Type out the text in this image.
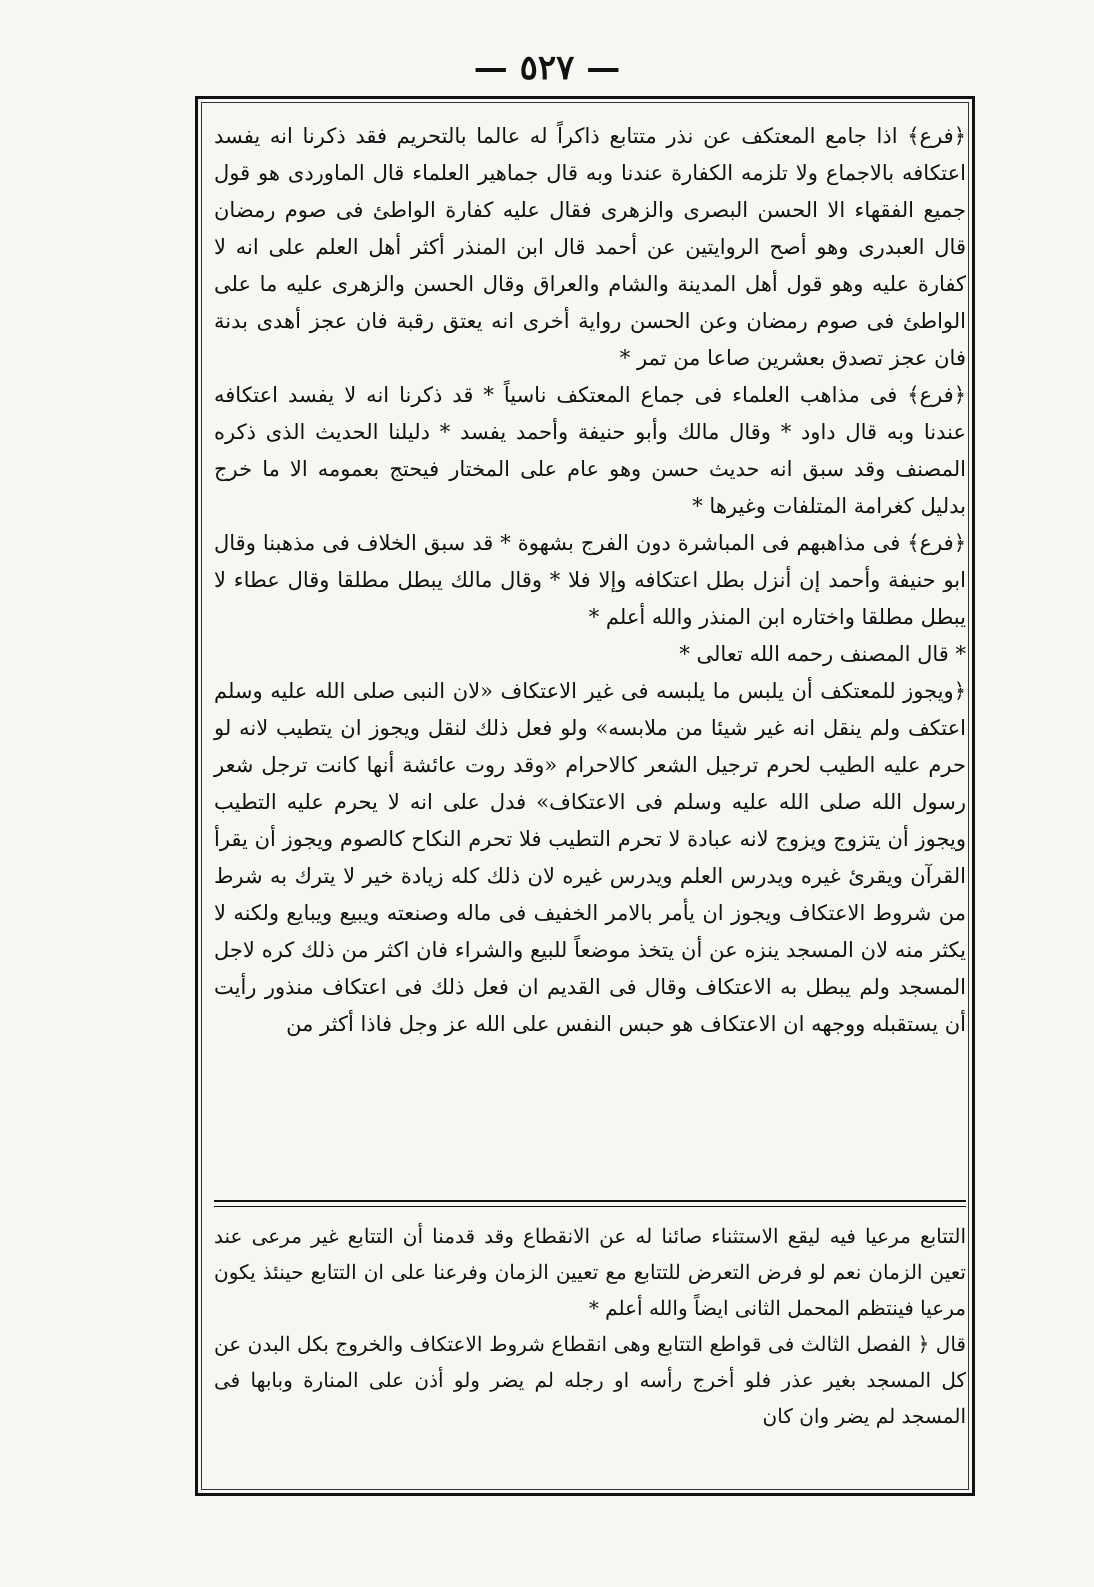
— ٥٢٧ —

﴿فرع﴾ اذا جامع المعتكف عن نذر متتابع ذاكراً له عالما بالتحريم فقد ذكرنا انه يفسد اعتكافه بالاجماع ولا تلزمه الكفارة عندنا وبه قال جماهير العلماء قال الماوردى هو قول جميع الفقهاء الا الحسن البصرى والزهرى فقال عليه كفارة الواطئ فى صوم رمضان قال العبدرى وهو أصح الروايتين عن أحمد قال ابن المنذر أكثر أهل العلم على انه لا كفارة عليه وهو قول أهل المدينة والشام والعراق وقال الحسن والزهرى عليه ما على الواطئ فى صوم رمضان وعن الحسن رواية أخرى انه يعتق رقبة فان عجز أهدى بدنة فان عجز تصدق بعشرين صاعا من تمر *

﴿فرع﴾ فى مذاهب العلماء فى جماع المعتكف ناسياً * قد ذكرنا انه لا يفسد اعتكافه عندنا وبه قال داود * وقال مالك وأبو حنيفة وأحمد يفسد * دليلنا الحديث الذى ذكره المصنف وقد سبق انه حديث حسن وهو عام على المختار فيحتج بعمومه الا ما خرج بدليل كغرامة المتلفات وغيرها *

﴿فرع﴾ فى مذاهبهم فى المباشرة دون الفرج بشهوة * قد سبق الخلاف فى مذهبنا وقال ابو حنيفة وأحمد إن أنزل بطل اعتكافه وإلا فلا * وقال مالك يبطل مطلقا وقال عطاء لا يبطل مطلقا واختاره ابن المنذر والله أعلم *

* قال المصنف رحمه الله تعالى *

﴿ويجوز للمعتكف أن يلبس ما يلبسه فى غير الاعتكاف «لان النبى صلى الله عليه وسلم اعتكف ولم ينقل انه غير شيئا من ملابسه» ولو فعل ذلك لنقل ويجوز ان يتطيب لانه لو حرم عليه الطيب لحرم ترجيل الشعر كالاحرام «وقد روت عائشة أنها كانت ترجل شعر رسول الله صلى الله عليه وسلم فى الاعتكاف» فدل على انه لا يحرم عليه التطيب ويجوز أن يتزوج ويزوج لانه عبادة لا تحرم التطيب فلا تحرم النكاح كالصوم ويجوز أن يقرأ القرآن ويقرئ غيره ويدرس العلم ويدرس غيره لان ذلك كله زيادة خير لا يترك به شرط من شروط الاعتكاف ويجوز ان يأمر بالامر الخفيف فى ماله وصنعته ويبيع ويبايع ولكنه لا يكثر منه لان المسجد ينزه عن أن يتخذ موضعاً للبيع والشراء فان اكثر من ذلك كره لاجل المسجد ولم يبطل به الاعتكاف وقال فى القديم ان فعل ذلك فى اعتكاف منذور رأيت أن يستقبله ووجهه ان الاعتكاف هو حبس النفس على الله عز وجل فاذا أكثر من

التتابع مرعيا فيه ليقع الاستثناء صائنا له عن الانقطاع وقد قدمنا أن التتابع غير مرعى عند تعين الزمان نعم لو فرض التعرض للتتابع مع تعيين الزمان وفرعنا على ان التتابع حينئذ يكون مرعيا فينتظم المحمل الثانى ايضاً والله أعلم *

قال ﴿ الفصل الثالث فى قواطع التتابع وهى انقطاع شروط الاعتكاف والخروج بكل البدن عن كل المسجد بغير عذر فلو أخرج رأسه او رجله لم يضر ولو أذن على المنارة وبابها فى المسجد لم يضر وان كان
